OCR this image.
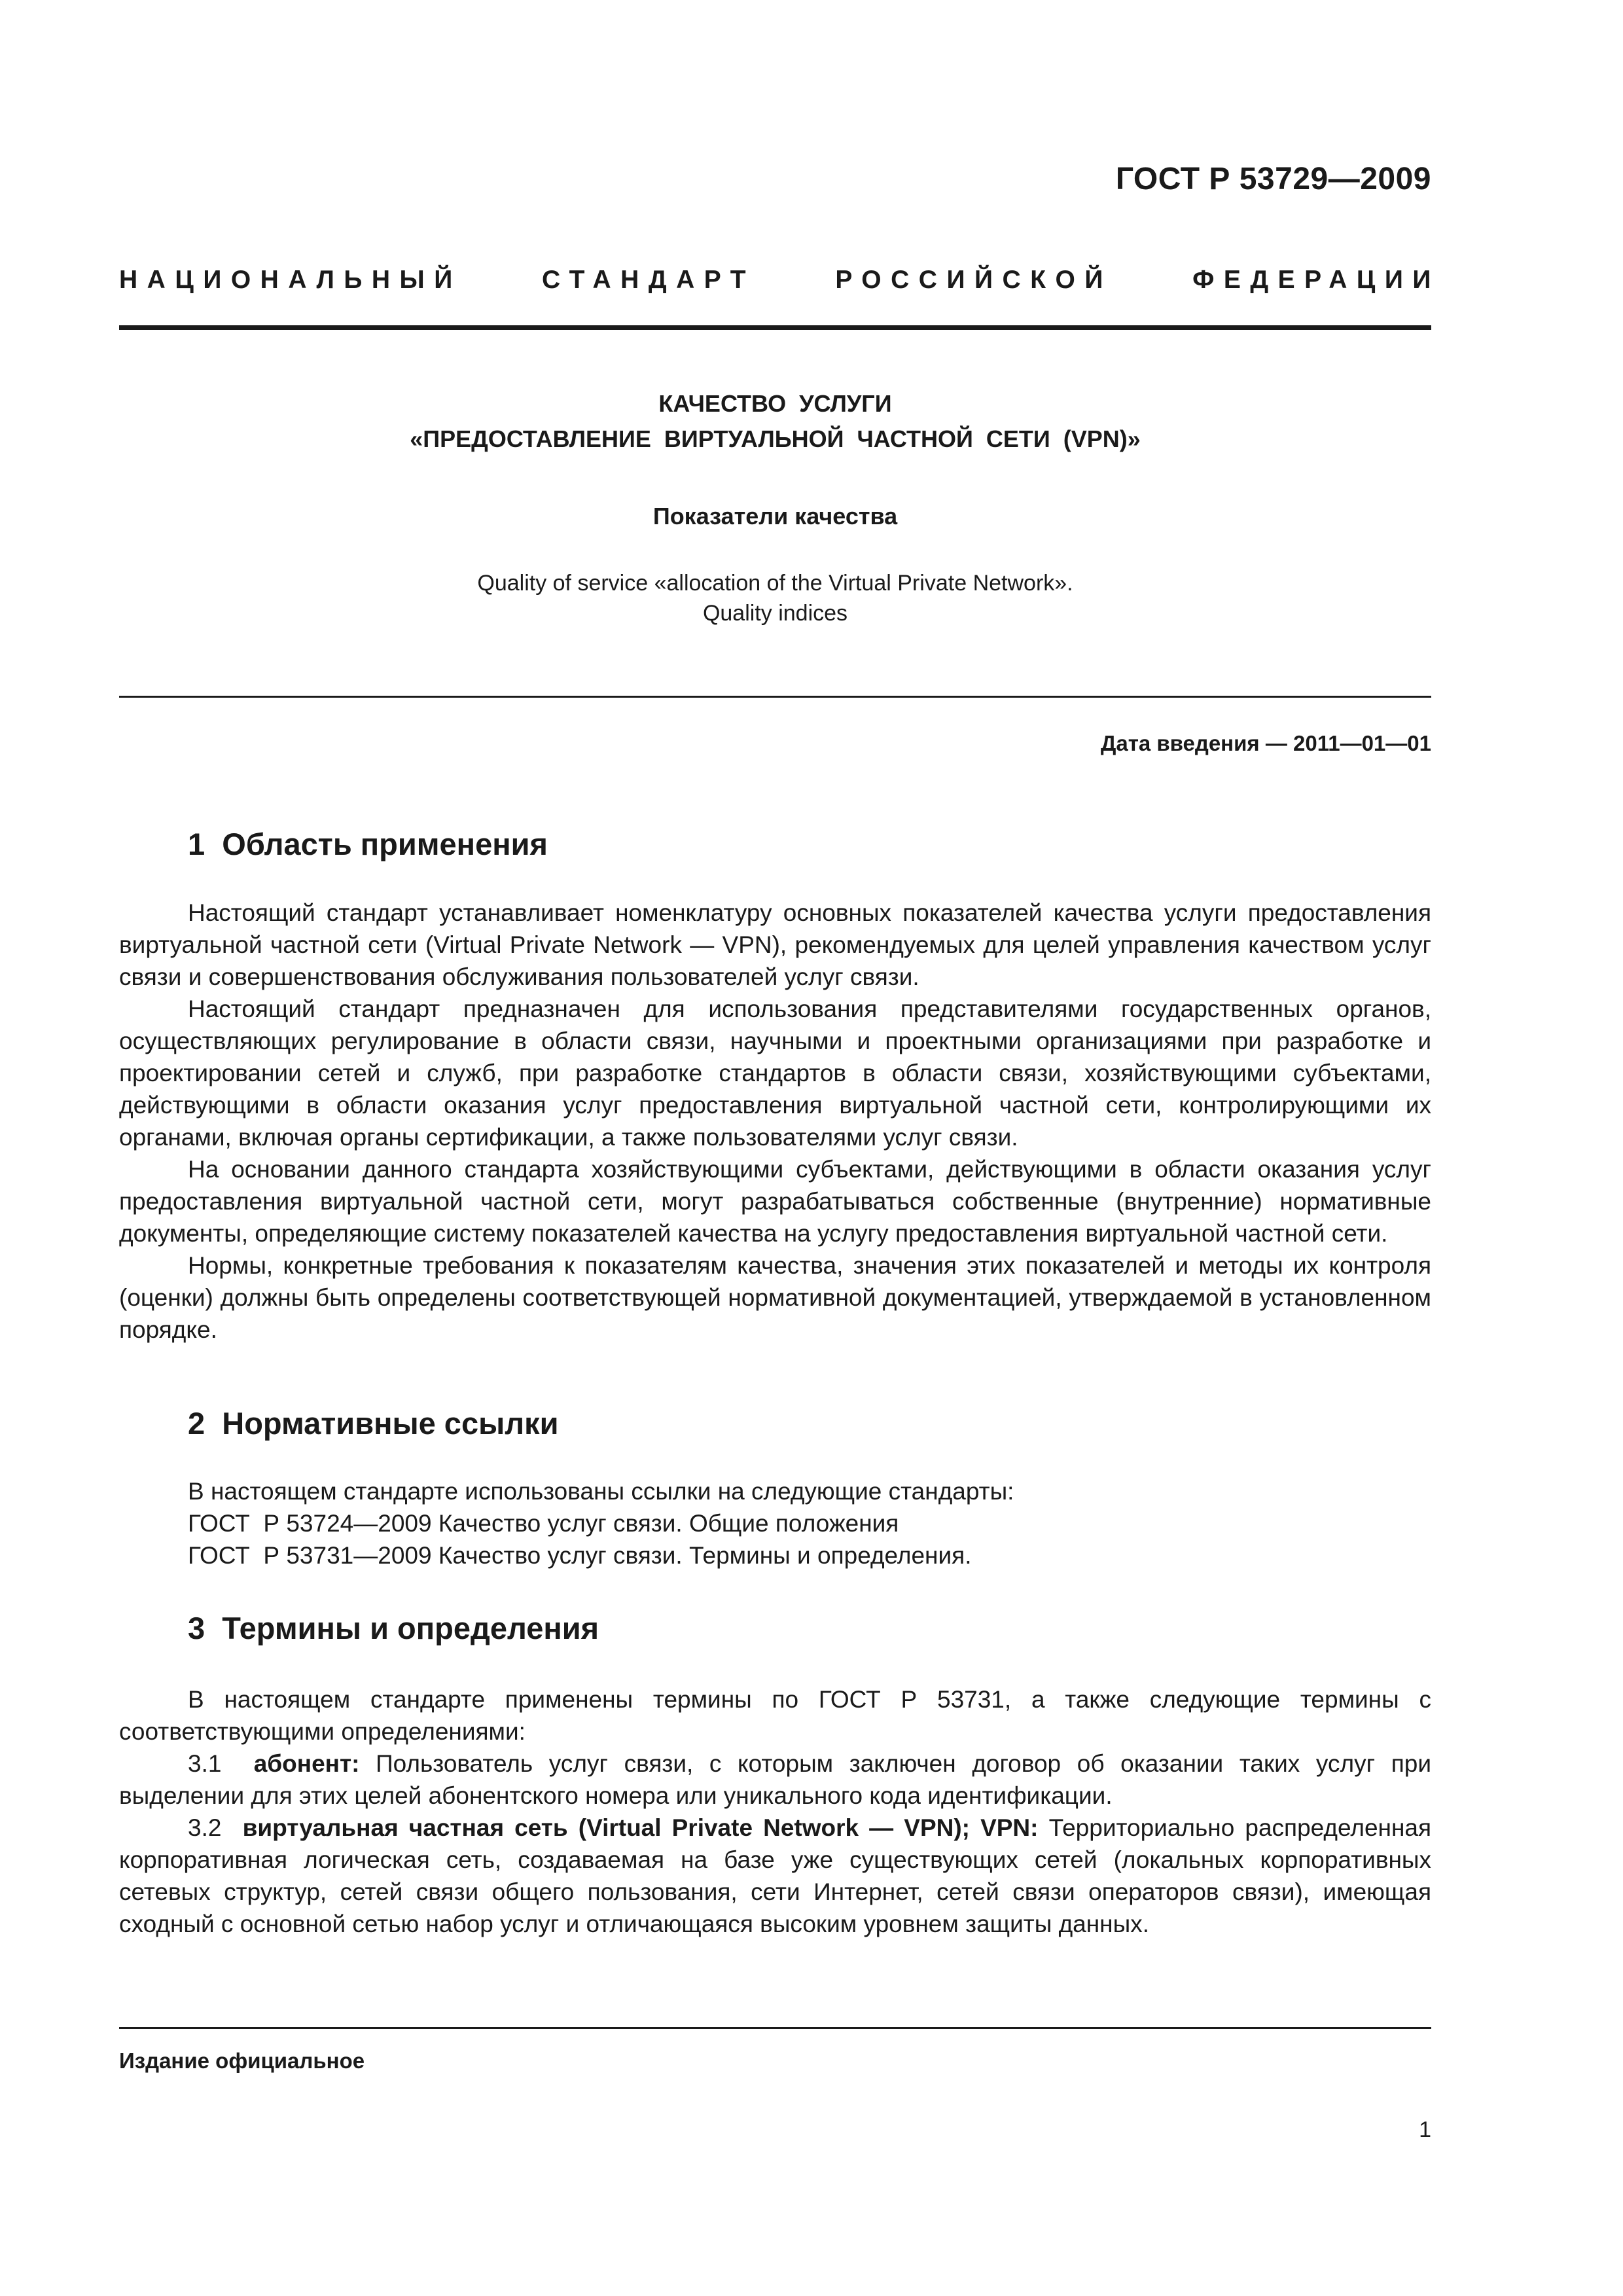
ГОСТ Р 53729—2009
НАЦИОНАЛЬНЫЙ	СТАНДАРТ	РОССИЙСКОЙ	ФЕДЕРАЦИИ
КАЧЕСТВО  УСЛУГИ
«ПРЕДОСТАВЛЕНИЕ  ВИРТУАЛЬНОЙ  ЧАСТНОЙ  СЕТИ  (VPN)»
Показатели качества
Quality of service «allocation of the Virtual Private Network».
Quality indices
Дата введения — 2011—01—01
1  Область применения

Настоящий стандарт устанавливает номенклатуру основных показателей качества услуги предоставления виртуальной частной сети (Virtual Private Network — VPN), рекомендуемых для целей управления качеством услуг связи и совершенствования обслуживания пользователей услуг связи.

Настоящий стандарт предназначен для использования представителями государственных органов, осуществляющих регулирование в области связи, научными и проектными организациями при разработке и проектировании сетей и служб, при разработке стандартов в области связи, хозяйствующими субъектами, действующими в области оказания услуг предоставления виртуальной частной сети, контролирующими их органами, включая органы сертификации, а также пользователями услуг связи.

На основании данного стандарта хозяйствующими субъектами, действующими в области оказания услуг предоставления виртуальной частной сети, могут разрабатываться собственные (внутренние) нормативные документы, определяющие систему показателей качества на услугу предоставления виртуальной частной сети.

Нормы, конкретные требования к показателям качества, значения этих показателей и методы их контроля (оценки) должны быть определены соответствующей нормативной документацией, утверждаемой в установленном порядке.

2  Нормативные ссылки

В настоящем стандарте использованы ссылки на следующие стандарты:

ГОСТ  Р 53724—2009 Качество услуг связи. Общие положения

ГОСТ  Р 53731—2009 Качество услуг связи. Термины и определения.

3  Термины и определения

В настоящем стандарте применены термины по ГОСТ Р 53731, а также следующие термины с соответствующими определениями:

3.1 абонент: Пользователь услуг связи, с которым заключен договор об оказании таких услуг при выделении для этих целей абонентского номера или уникального кода идентификации.

3.2 виртуальная частная сеть (Virtual Private Network — VPN); VPN: Территориально распределенная корпоративная логическая сеть, создаваемая на базе уже существующих сетей (локальных корпоративных сетевых структур, сетей связи общего пользования, сети Интернет, сетей связи операторов связи), имеющая сходный с основной сетью набор услуг и отличающаяся высоким уровнем защиты данных.

Издание официальное
1
